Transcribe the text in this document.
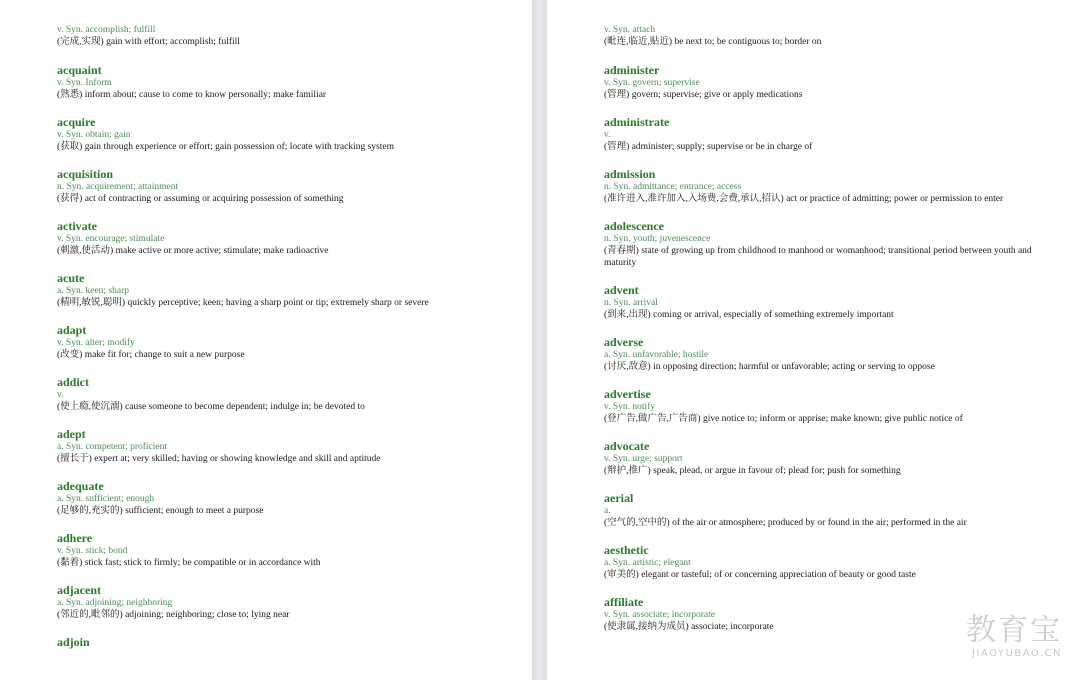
v. Syn. accomplish; fulfill
(完成,实现) gain with effort; accomplish; fulfill
acquaint
v. Syn. Inform
(熟悉) inform about; cause to come to know personally; make familiar
acquire
v. Syn. obtain; gain
(获取) gain through experience or effort; gain possession of; locate with tracking system
acquisition
n. Syn. acquirement; attainment
(获得) act of contracting or assuming or acquiring possession of something
activate
v. Syn. encourage; stimulate
(刺激,使活动) make active or more active; stimulate; make radioactive
acute
a. Syn. keen; sharp
(精明,敏锐,聪明) quickly perceptive; keen; having a sharp point or tip; extremely sharp or severe
adapt
v. Syn. alter; modify
(改变) make fit for; change to suit a new purpose
addict
v.
(使上瘾,使沉溺) cause someone to become dependent; indulge in; be devoted to
adept
a. Syn. competent; proficient
(擅长于) expert at; very skilled; having or showing knowledge and skill and aptitude
adequate
a. Syn. sufficient; enough
(足够的,充实的) sufficient; enough to meet a purpose
adhere
v. Syn. stick; bond
(黏着) stick fast; stick to firmly; be compatible or in accordance with
adjacent
a. Syn. adjoining; neighboring
(邻近的,毗邻的) adjoining; neighboring; close to; lying near
adjoin
v. Syn. attach
(毗连,临近,贴近) be next to; be contiguous to; border on
administer
v. Syn. govern; supervise
(管理) govern; supervise; give or apply medications
administrate
v.
(管理) administer; supply; supervise or be in charge of
admission
n. Syn. admittance; entrance; access
(准许进入,准许加入,入场费,会费,承认,招认) act or practice of admitting; power or permission to enter
adolescence
n. Syn. youth; juvenescence
(青春期) state of growing up from childhood to manhood or womanhood; transitional period between youth and maturity
advent
n. Syn. arrival
(到来,出现) coming or arrival, especially of something extremely important
adverse
a. Syn. unfavorable; hostile
(讨厌,敌意) in opposing direction; harmful or unfavorable; acting or serving to oppose
advertise
v. Syn. notify
(登广告,做广告,广告商) give notice to; inform or apprise; make known; give public notice of
advocate
v. Syn. urge; support
(辩护,推广) speak, plead, or argue in favour of; plead for; push for something
aerial
a.
(空气的,空中的) of the air or atmosphere; produced by or found in the air; performed in the air
aesthetic
a. Syn. artistic; elegant
(审美的) elegant or tasteful; of or concerning appreciation of beauty or good taste
affiliate
v. Syn. associate; incorporate
(使隶属,接纳为成员) associate; incorporate	教育宝
JIAOYUBAO.CN
